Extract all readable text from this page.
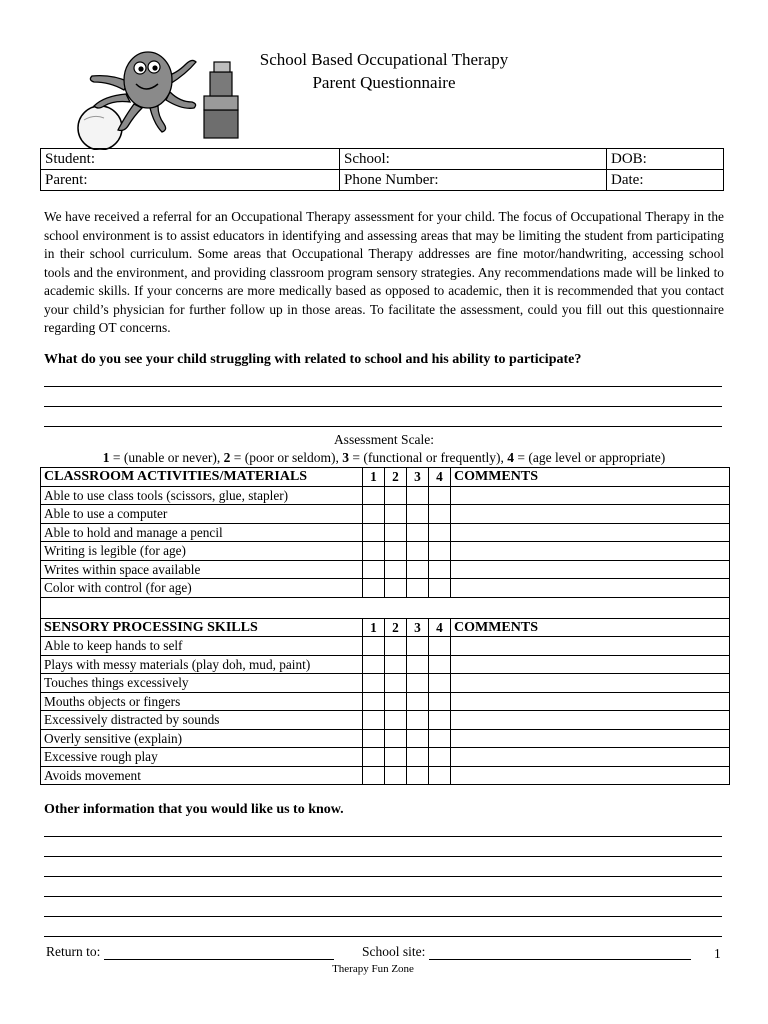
School Based Occupational Therapy
Parent Questionnaire
Student:	School:	DOB:
Parent:	Phone Number:	Date:
We have received a referral for an Occupational Therapy assessment for your child. The focus of Occupational Therapy in the school environment is to assist educators in identifying and assessing areas that may be limiting the student from participating in their school curriculum. Some areas that Occupational Therapy addresses are fine motor/handwriting, accessing school tools and the environment, and providing classroom program sensory strategies. Any recommendations made will be linked to academic skills. If your concerns are more medically based as opposed to academic, then it is recommended that you contact your child’s physician for further follow up in those areas. To facilitate the assessment, could you fill out this questionnaire regarding OT concerns.
What do you see your child struggling with related to school and his ability to participate?
Assessment Scale:
1 = (unable or never), 2 = (poor or seldom), 3 = (functional or frequently), 4 = (age level or appropriate)
CLASSROOM ACTIVITIES/MATERIALS	1	2	3	4	COMMENTS
Able to use class tools (scissors, glue, stapler)					
Able to use a computer					
Able to hold and manage a pencil					
Writing is legible (for age)					
Writes within space available					
Color with control (for age)					

SENSORY PROCESSING SKILLS	1	2	3	4	COMMENTS
Able to keep hands to self					
Plays with messy materials (play doh, mud, paint)					
Touches things excessively					
Mouths objects or fingers					
Excessively distracted by sounds					
Overly sensitive (explain)					
Excessive rough play					
Avoids movement					
Other information that you would like us to know.
Return to:	School site:	1
Therapy Fun Zone
